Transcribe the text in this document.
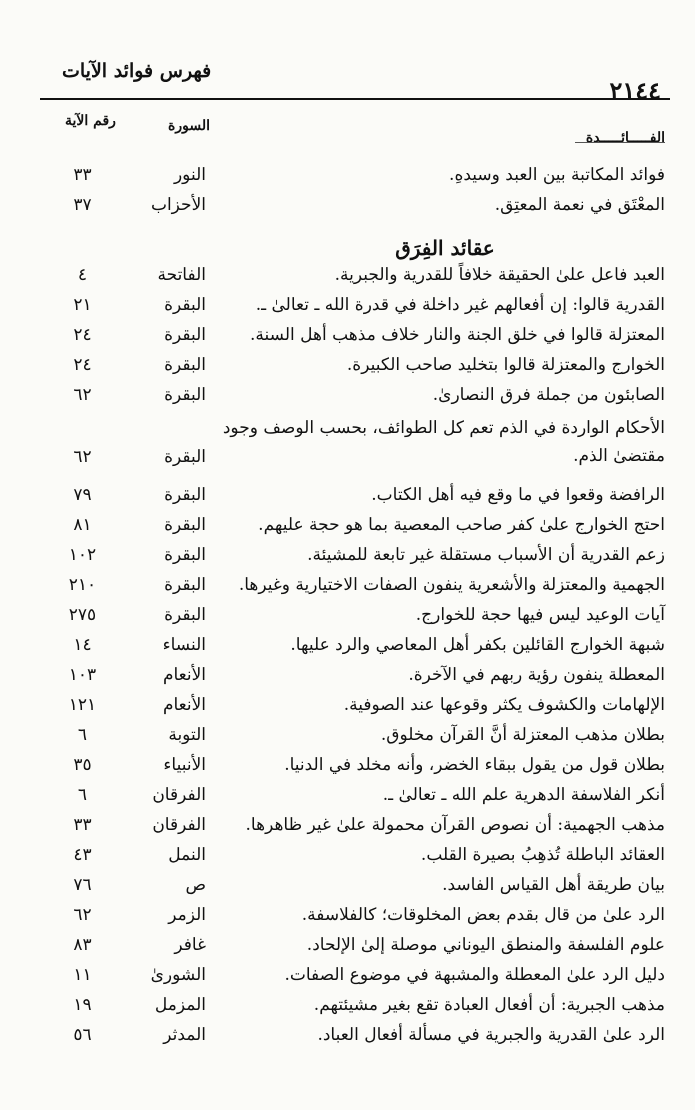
فهرس فوائد الآيات
٢١٤٤
الفـــــائـــــدة
السورة
رقم الآية
عقائد الفِرَق
فوائد المكاتبة بين العبد وسيدهِ.
النور
٣٣
المعْتَق في نعمة المعتِق.
الأحزاب
٣٧
العبد فاعل علىٰ الحقيقة خلافاً للقدرية والجبرية.
الفاتحة
٤
القدرية قالوا: إن أفعالهم غير داخلة في قدرة الله ـ تعالىٰ ـ.
البقرة
٢١
المعتزلة قالوا في خلق الجنة والنار خلاف مذهب أهل السنة.
البقرة
٢٤
الخوارج والمعتزلة قالوا بتخليد صاحب الكبيرة.
البقرة
٢٤
الصابئون من جملة فرق النصارىٰ.
البقرة
٦٢
الأحكام الواردة في الذم تعم كل الطوائف، بحسب الوصف وجود مقتضىٰ الذم.
البقرة
٦٢
الرافضة وقعوا في ما وقع فيه أهل الكتاب.
البقرة
٧٩
احتج الخوارج علىٰ كفر صاحب المعصية بما هو حجة عليهم.
البقرة
٨١
زعم القدرية أن الأسباب مستقلة غير تابعة للمشيئة.
البقرة
١٠٢
الجهمية والمعتزلة والأشعرية ينفون الصفات الاختيارية وغيرها.
البقرة
٢١٠
آيات الوعيد ليس فيها حجة للخوارج.
البقرة
٢٧٥
شبهة الخوارج القائلين بكفر أهل المعاصي والرد عليها.
النساء
١٤
المعطلة ينفون رؤية ربهم في الآخرة.
الأنعام
١٠٣
الإلهامات والكشوف يكثر وقوعها عند الصوفية.
الأنعام
١٢١
بطلان مذهب المعتزلة أنَّ القرآن مخلوق.
التوبة
٦
بطلان قول من يقول ببقاء الخضر، وأنه مخلد في الدنيا.
الأنبياء
٣٥
أنكر الفلاسفة الدهرية علم الله ـ تعالىٰ ـ.
الفرقان
٦
مذهب الجهمية: أن نصوص القرآن محمولة علىٰ غير ظاهرها.
الفرقان
٣٣
العقائد الباطلة تُذهِبُ بصيرة القلب.
النمل
٤٣
بيان طريقة أهل القياس الفاسد.
ص
٧٦
الرد علىٰ من قال بقدم بعض المخلوقات؛ كالفلاسفة.
الزمر
٦٢
علوم الفلسفة والمنطق اليوناني موصلة إلىٰ الإلحاد.
غافر
٨٣
دليل الرد علىٰ المعطلة والمشبهة في موضوع الصفات.
الشورىٰ
١١
مذهب الجبرية: أن أفعال العبادة تقع بغير مشيئتهم.
المزمل
١٩
الرد علىٰ القدرية والجبرية في مسألة أفعال العباد.
المدثر
٥٦
